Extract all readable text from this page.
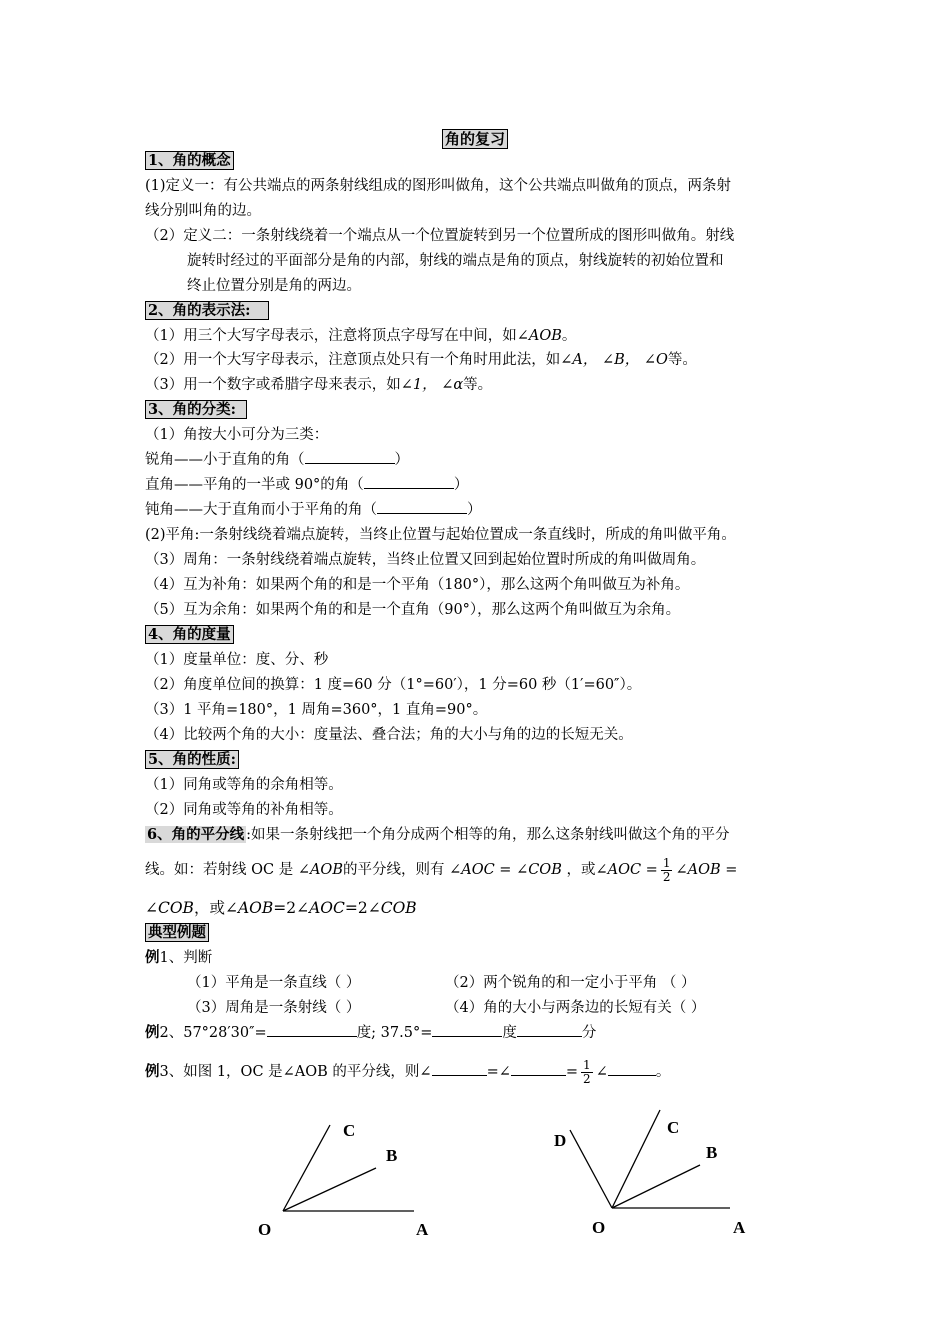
角的复习
1、角的概念
(1)定义一：有公共端点的两条射线组成的图形叫做角，这个公共端点叫做角的顶点，两条射
线分别叫角的边。
（2）定义二：一条射线绕着一个端点从一个位置旋转到另一个位置所成的图形叫做角。射线
旋转时经过的平面部分是角的内部，射线的端点是角的顶点，射线旋转的初始位置和
终止位置分别是角的两边。
2、角的表示法:
（1）用三个大写字母表示，注意将顶点字母写在中间，如∠AOB。
（2）用一个大写字母表示，注意顶点处只有一个角时用此法，如∠A， ∠B， ∠O等。
（3）用一个数字或希腊字母来表示，如∠1， ∠α等。
3、角的分类:
（1）角按大小可分为三类：
锐角——小于直角的角（	）
直角——平角的一半或 90°的角（	）
钝角——大于直角而小于平角的角（	）
(2)平角:一条射线绕着端点旋转，当终止位置与起始位置成一条直线时，所成的角叫做平角。
（3）周角：一条射线绕着端点旋转，当终止位置又回到起始位置时所成的角叫做周角。
（4）互为补角：如果两个角的和是一个平角（180°），那么这两个角叫做互为补角。
（5）互为余角：如果两个角的和是一个直角（90°），那么这两个角叫做互为余角。
4、角的度量
（1）度量单位：度、分、秒
（2）角度单位间的换算：1 度=60 分（1°=60′），1 分=60 秒（1′=60″）。
（3）1 平角=180°，1 周角=360°，1 直角=90°。
（4）比较两个角的大小：度量法、叠合法；角的大小与角的边的长短无关。
5、角的性质:
（1）同角或等角的余角相等。
（2）同角或等角的补角相等。
6、角的平分线 :如果一条射线把一个角分成两个相等的角，那么这条射线叫做这个角的平分
线。如：若射线 OC 是 ∠AOB的平分线，则有 ∠AOC = ∠COB ，或∠AOC = $\frac{1}{2}$ ∠AOB =
∠COB，或∠AOB=2∠AOC=2∠COB
典型例题
例1、判断
（1）平角是一条直线（ ）	（2）两个锐角的和一定小于平角 （ ）
（3）周角是一条射线（ ）	（4）角的大小与两条边的长短有关（ ）
例2、57°28′30″=	度; 37.5°=	度	分
例3、如图 1，OC 是∠AOB 的平分线，则∠	=∠	= $\frac{1}{2}$ ∠	。
C
B
O	A
D
C
B
O	A
